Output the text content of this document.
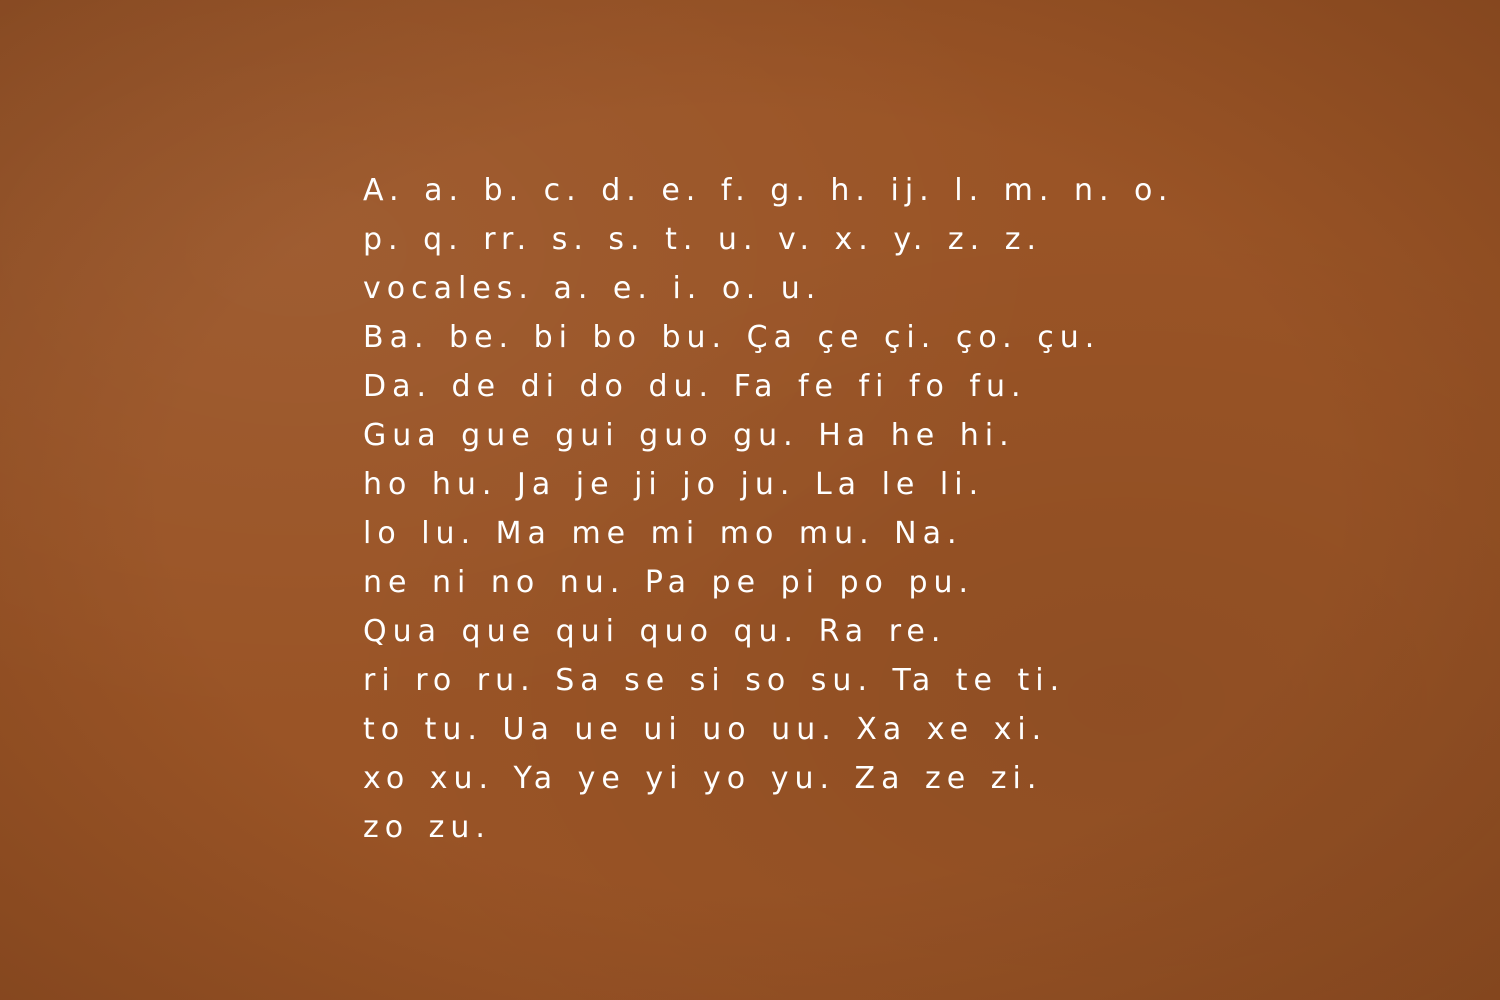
A. a. b. c. d. e. f. g. h. ij. l. m. n. o.
p. q. rr. s. s. t. u. v. x. y. z. z.
vocales. a. e. i. o. u.
Ba. be. bi bo bu. Ça çe çi. ço. çu.
Da. de di do du. Fa fe fi fo fu.
Gua gue gui guo gu. Ha he hi.
ho hu. Ja je ji jo ju. La le li.
lo lu. Ma me mi mo mu. Na.
ne ni no nu. Pa pe pi po pu.
Qua que qui quo qu. Ra re.
ri ro ru. Sa se si so su. Ta te ti.
to tu. Ua ue ui uo uu. Xa xe xi.
xo xu. Ya ye yi yo yu. Za ze zi.
zo zu.
